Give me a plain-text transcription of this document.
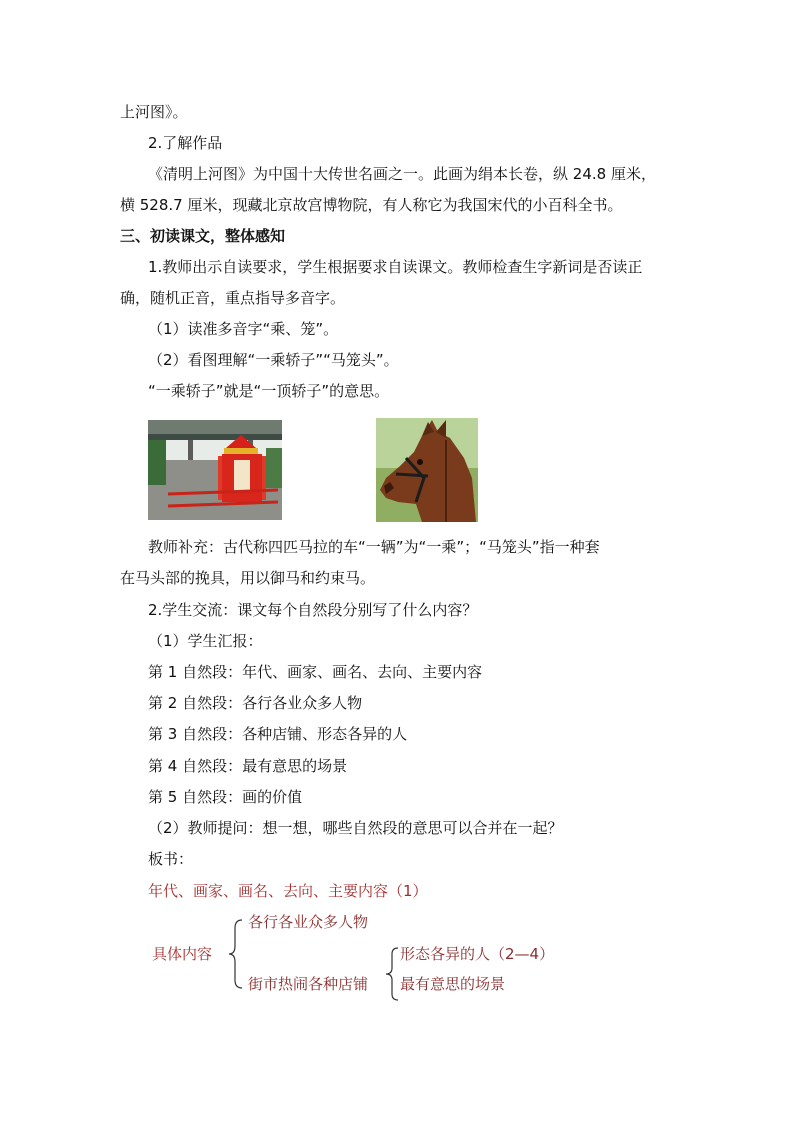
上河图》。
2.了解作品
《清明上河图》为中国十大传世名画之一。此画为绢本长卷，纵 24.8 厘米，
横 528.7 厘米，现藏北京故宫博物院，有人称它为我国宋代的小百科全书。
三、初读课文，整体感知
1.教师出示自读要求，学生根据要求自读课文。教师检查生字新词是否读正
确，随机正音，重点指导多音字。
（1）读准多音字“乘、笼”。
（2）看图理解“一乘轿子”“马笼头”。
“一乘轿子”就是“一顶轿子”的意思。
教师补充：古代称四匹马拉的车“一辆”为“一乘”；“马笼头”指一种套
在马头部的挽具，用以御马和约束马。
2.学生交流：课文每个自然段分别写了什么内容？
（1）学生汇报：
第 1 自然段：年代、画家、画名、去向、主要内容
第 2 自然段：各行各业众多人物
第 3 自然段：各种店铺、形态各异的人
第 4 自然段：最有意思的场景
第 5 自然段：画的价值
（2）教师提问：想一想，哪些自然段的意思可以合并在一起？
板书：
年代、画家、画名、去向、主要内容（1）
具体内容
各行各业众多人物
街市热闹各种店铺
形态各异的人（2—4）
最有意思的场景
